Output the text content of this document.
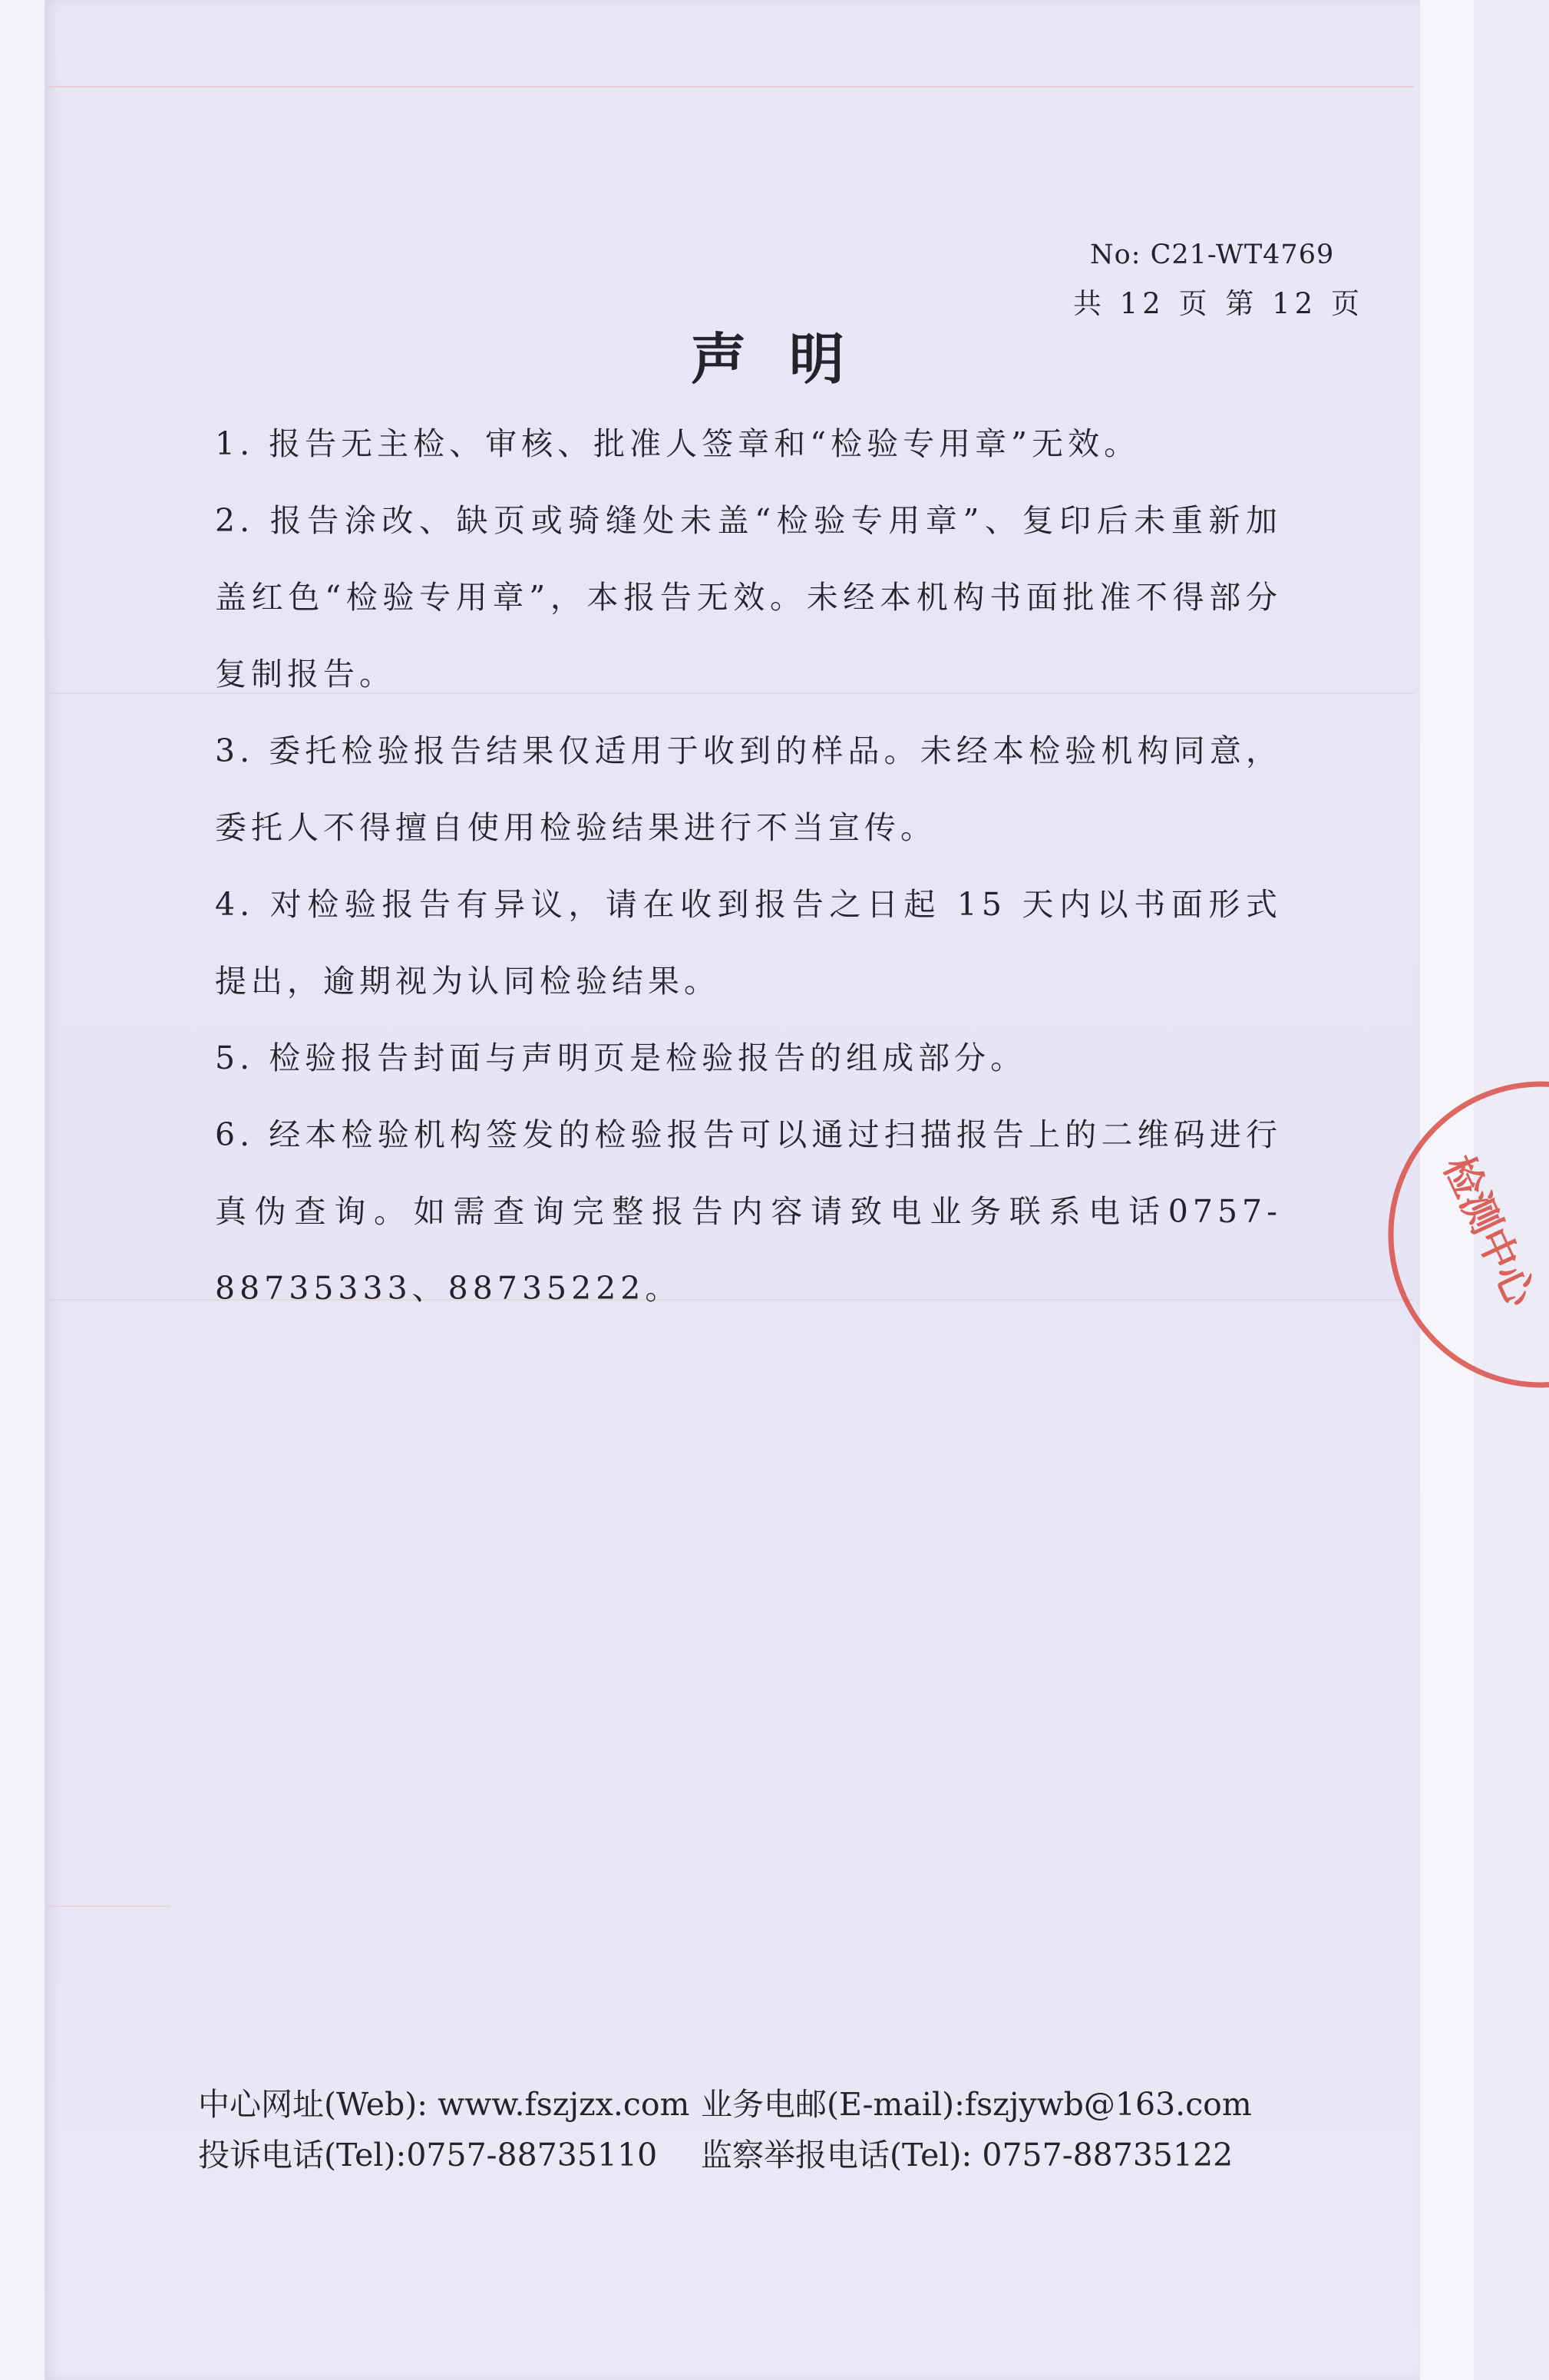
No: C21-WT4769
共 12 页 第 12 页
声明
1. 报告无主检、审核、批准人签章和“检验专用章”无效。
2. 报告涂改、缺页或骑缝处未盖“检验专用章”、复印后未重新加盖红色“检验专用章”，本报告无效。未经本机构书面批准不得部分复制报告。
3. 委托检验报告结果仅适用于收到的样品。未经本检验机构同意，委托人不得擅自使用检验结果进行不当宣传。
4. 对检验报告有异议，请在收到报告之日起 15 天内以书面形式提出，逾期视为认同检验结果。
5. 检验报告封面与声明页是检验报告的组成部分。
6. 经本检验机构签发的检验报告可以通过扫描报告上的二维码进行真伪查询。如需查询完整报告内容请致电业务联系电话0757-88735333、88735222。
中心网址(Web): www.fszjzx.com 业务电邮(E-mail):fszjywb@163.com
投诉电话(Tel):0757-88735110 监察举报电话(Tel): 0757-88735122
检测中心
